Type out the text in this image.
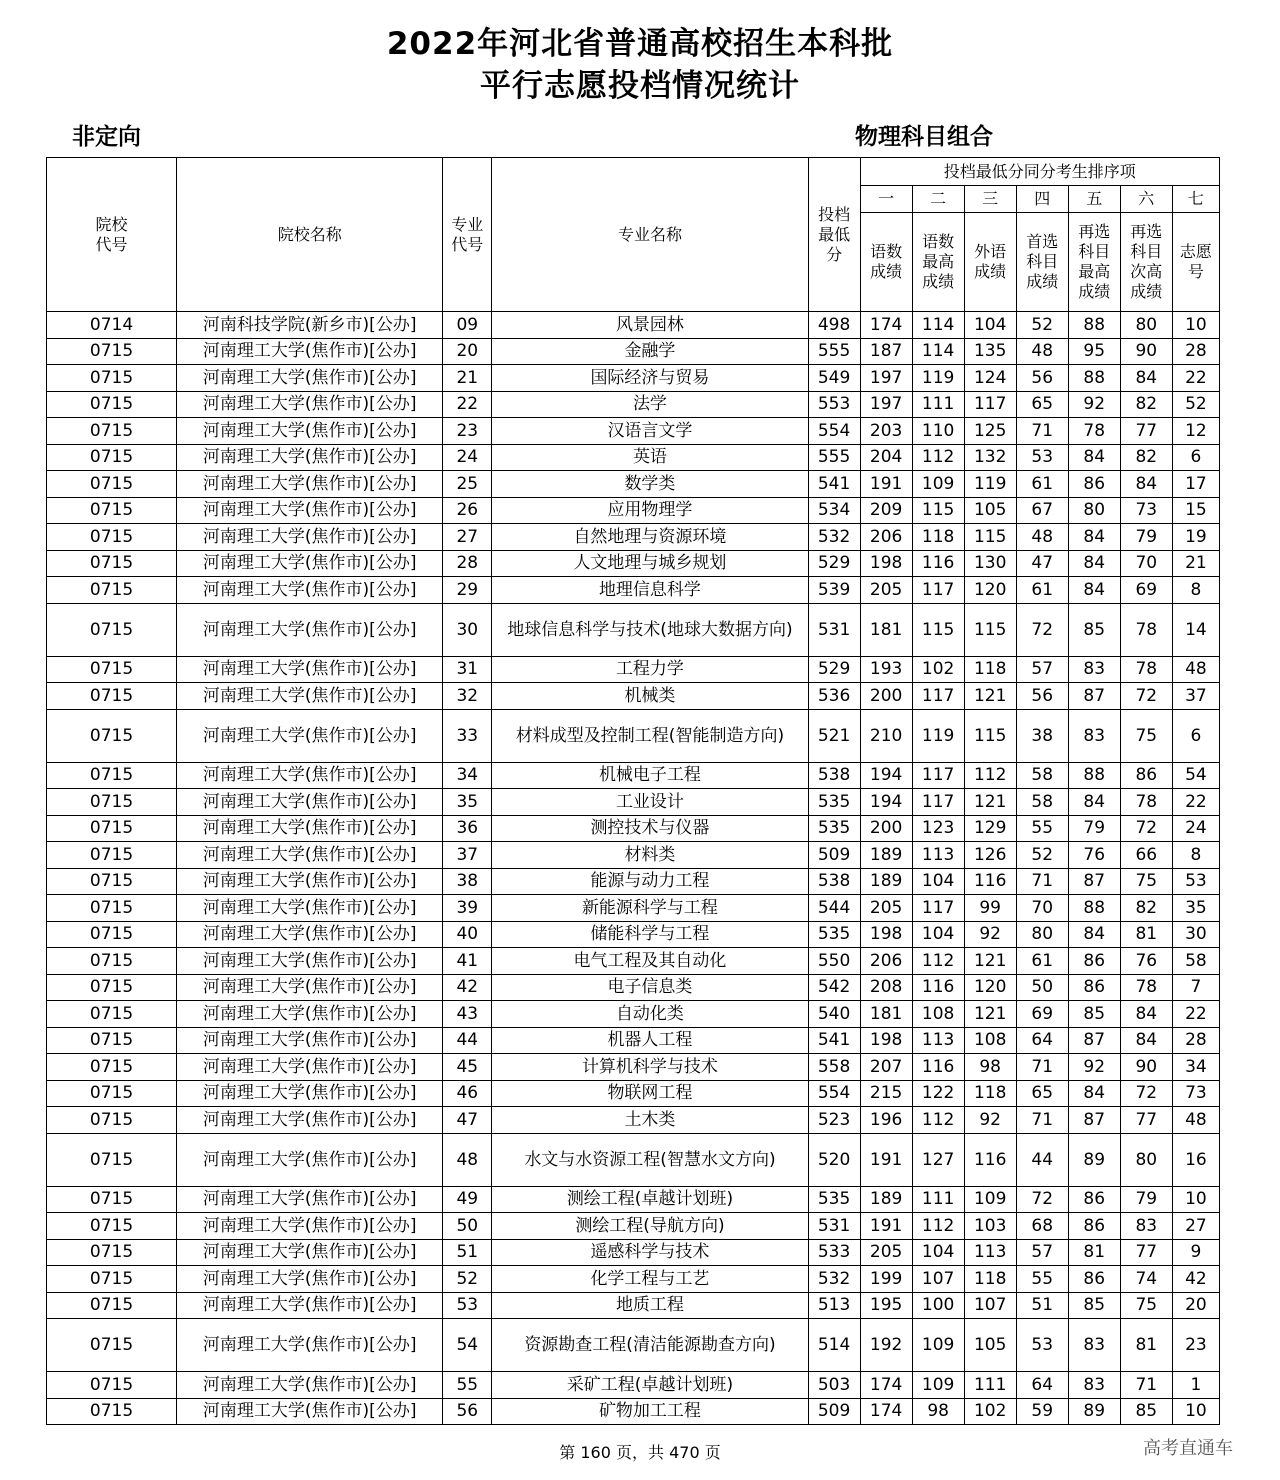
2022年河北省普通高校招生本科批
平行志愿投档情况统计
非定向	物理科目组合
院校代号	院校名称	专业代号	专业名称	投档最低分	投档最低分同分考生排序项						
					一	二	三	四	五	六	七
					语数成绩	语数最高成绩	外语成绩	首选科目成绩	再选科目最高成绩	再选科目次高成绩	志愿号
0714	河南科技学院(新乡市)[公办]	09	风景园林	498	174	114	104	52	88	80	10
0715	河南理工大学(焦作市)[公办]	20	金融学	555	187	114	135	48	95	90	28
0715	河南理工大学(焦作市)[公办]	21	国际经济与贸易	549	197	119	124	56	88	84	22
0715	河南理工大学(焦作市)[公办]	22	法学	553	197	111	117	65	92	82	52
0715	河南理工大学(焦作市)[公办]	23	汉语言文学	554	203	110	125	71	78	77	12
0715	河南理工大学(焦作市)[公办]	24	英语	555	204	112	132	53	84	82	6
0715	河南理工大学(焦作市)[公办]	25	数学类	541	191	109	119	61	86	84	17
0715	河南理工大学(焦作市)[公办]	26	应用物理学	534	209	115	105	67	80	73	15
0715	河南理工大学(焦作市)[公办]	27	自然地理与资源环境	532	206	118	115	48	84	79	19
0715	河南理工大学(焦作市)[公办]	28	人文地理与城乡规划	529	198	116	130	47	84	70	21
0715	河南理工大学(焦作市)[公办]	29	地理信息科学	539	205	117	120	61	84	69	8
0715	河南理工大学(焦作市)[公办]	30	地球信息科学与技术(地球大数据方向)	531	181	115	115	72	85	78	14
0715	河南理工大学(焦作市)[公办]	31	工程力学	529	193	102	118	57	83	78	48
0715	河南理工大学(焦作市)[公办]	32	机械类	536	200	117	121	56	87	72	37
0715	河南理工大学(焦作市)[公办]	33	材料成型及控制工程(智能制造方向)	521	210	119	115	38	83	75	6
0715	河南理工大学(焦作市)[公办]	34	机械电子工程	538	194	117	112	58	88	86	54
0715	河南理工大学(焦作市)[公办]	35	工业设计	535	194	117	121	58	84	78	22
0715	河南理工大学(焦作市)[公办]	36	测控技术与仪器	535	200	123	129	55	79	72	24
0715	河南理工大学(焦作市)[公办]	37	材料类	509	189	113	126	52	76	66	8
0715	河南理工大学(焦作市)[公办]	38	能源与动力工程	538	189	104	116	71	87	75	53
0715	河南理工大学(焦作市)[公办]	39	新能源科学与工程	544	205	117	99	70	88	82	35
0715	河南理工大学(焦作市)[公办]	40	储能科学与工程	535	198	104	92	80	84	81	30
0715	河南理工大学(焦作市)[公办]	41	电气工程及其自动化	550	206	112	121	61	86	76	58
0715	河南理工大学(焦作市)[公办]	42	电子信息类	542	208	116	120	50	86	78	7
0715	河南理工大学(焦作市)[公办]	43	自动化类	540	181	108	121	69	85	84	22
0715	河南理工大学(焦作市)[公办]	44	机器人工程	541	198	113	108	64	87	84	28
0715	河南理工大学(焦作市)[公办]	45	计算机科学与技术	558	207	116	98	71	92	90	34
0715	河南理工大学(焦作市)[公办]	46	物联网工程	554	215	122	118	65	84	72	73
0715	河南理工大学(焦作市)[公办]	47	土木类	523	196	112	92	71	87	77	48
0715	河南理工大学(焦作市)[公办]	48	水文与水资源工程(智慧水文方向)	520	191	127	116	44	89	80	16
0715	河南理工大学(焦作市)[公办]	49	测绘工程(卓越计划班)	535	189	111	109	72	86	79	10
0715	河南理工大学(焦作市)[公办]	50	测绘工程(导航方向)	531	191	112	103	68	86	83	27
0715	河南理工大学(焦作市)[公办]	51	遥感科学与技术	533	205	104	113	57	81	77	9
0715	河南理工大学(焦作市)[公办]	52	化学工程与工艺	532	199	107	118	55	86	74	42
0715	河南理工大学(焦作市)[公办]	53	地质工程	513	195	100	107	51	85	75	20
0715	河南理工大学(焦作市)[公办]	54	资源勘查工程(清洁能源勘查方向)	514	192	109	105	53	83	81	23
0715	河南理工大学(焦作市)[公办]	55	采矿工程(卓越计划班)	503	174	109	111	64	83	71	1
0715	河南理工大学(焦作市)[公办]	56	矿物加工工程	509	174	98	102	59	89	85	10
第 160 页，共 470 页	高考直通车
